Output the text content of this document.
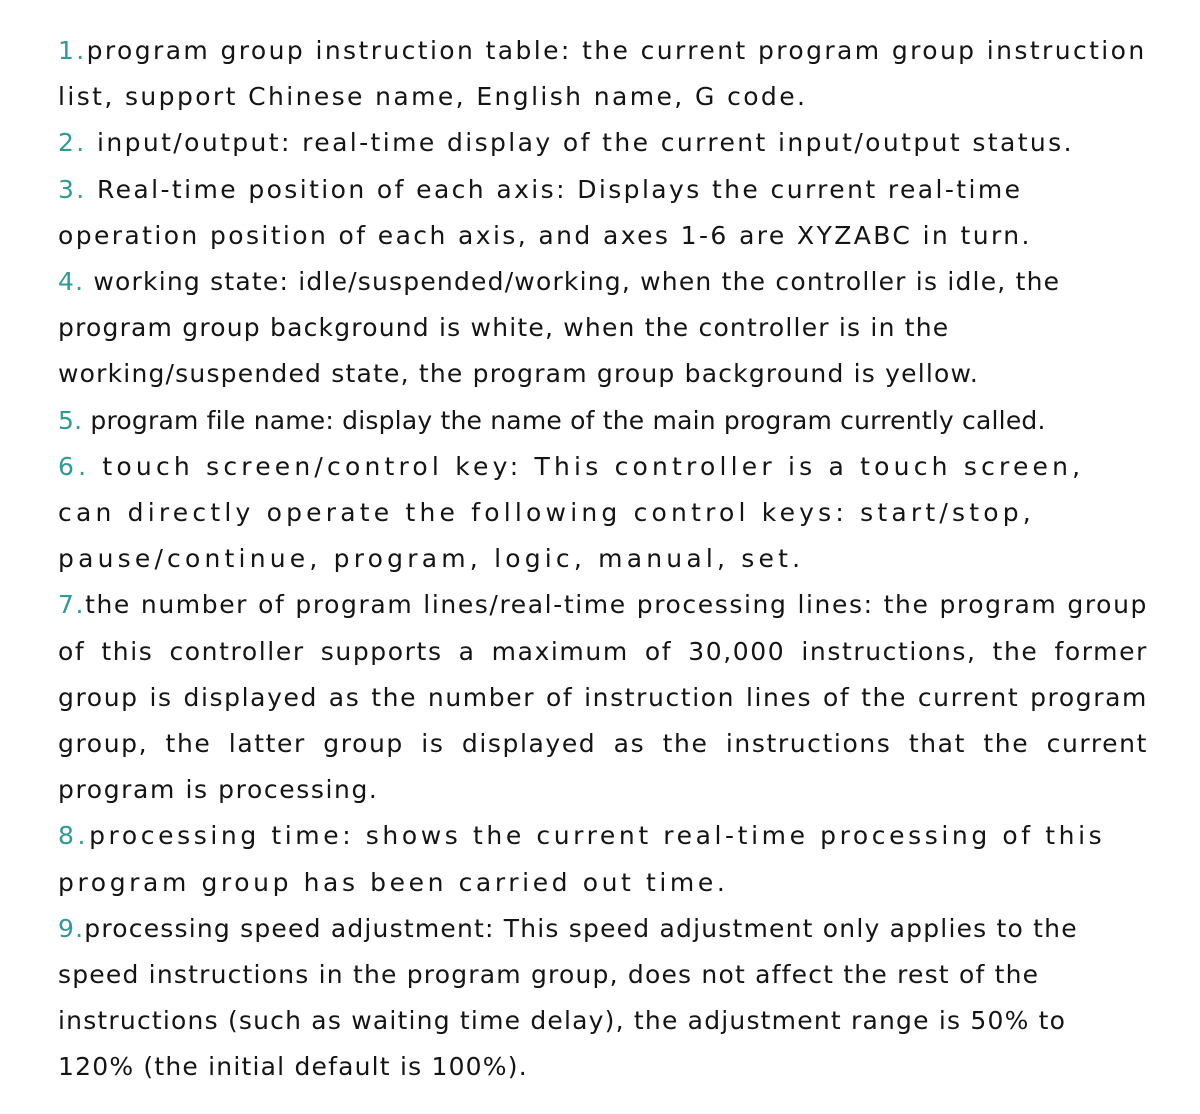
1.program group instruction table: the current program group instruction list, support Chinese name, English name, G code.

2. input/output: real-time display of the current input/output status.

3. Real-time position of each axis: Displays the current real-time operation position of each axis, and axes 1-6 are XYZABC in turn.

4. working state: idle/suspended/working, when the controller is idle, the program group background is white, when the controller is in the working/suspended state, the program group background is yellow.

5. program file name: display the name of the main program currently called.

6. touch screen/control key: This controller is a touch screen, can directly operate the following control keys: start/stop, pause/continue, program, logic, manual, set.

7.the number of program lines/real-time processing lines: the program group of this controller supports a maximum of 30,000 instructions, the former group is displayed as the number of instruction lines of the current program group, the latter group is displayed as the instructions that the current program is processing.

8.processing time: shows the current real-time processing of this program group has been carried out time.

9.processing speed adjustment: This speed adjustment only applies to the speed instructions in the program group, does not affect the rest of the instructions (such as waiting time delay), the adjustment range is 50% to 120% (the initial default is 100%).
